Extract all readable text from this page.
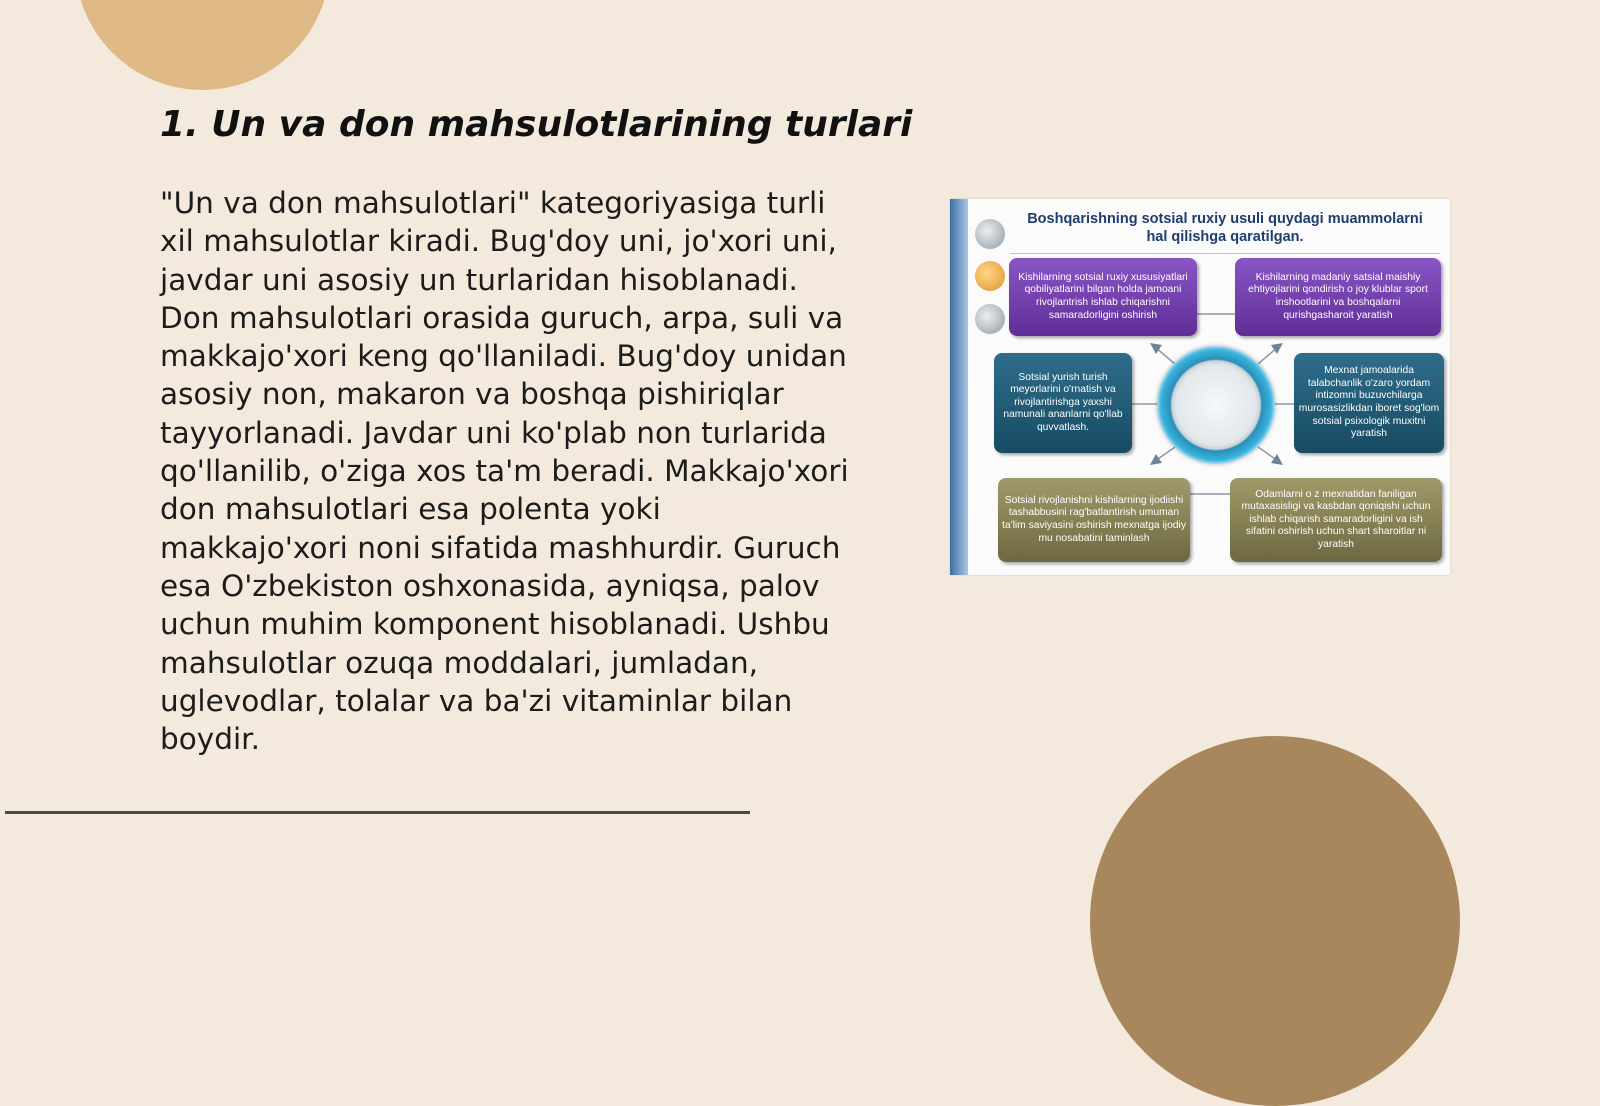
1. Un va don mahsulotlarining turlari

"Un va don mahsulotlari" kategoriyasiga turli xil mahsulotlar kiradi. Bug'doy uni, jo'xori uni, javdar uni asosiy un turlaridan hisoblanadi. Don mahsulotlari orasida guruch, arpa, suli va makkajo'xori keng qo'llaniladi. Bug'doy unidan asosiy non, makaron va boshqa pishiriqlar tayyorlanadi. Javdar uni ko'plab non turlarida qo'llanilib, o'ziga xos ta'm beradi. Makkajo'xori don mahsulotlari esa polenta yoki makkajo'xori noni sifatida mashhurdir. Guruch esa O'zbekiston oshxonasida, ayniqsa, palov uchun muhim komponent hisoblanadi. Ushbu mahsulotlar ozuqa moddalari, jumladan, uglevodlar, tolalar va ba'zi vitaminlar bilan boydir.

Boshqarishning sotsial ruxiy usuli quydagi muammolarni hal qilishga qaratilgan.
Kishilarning sotsial ruxiy xususiyatlari qobiliyatlarini bilgan holda jamoani rivojlantrish ishlab chiqarishni samaradorligini oshirish
Kishilarning madaniy satsial maishiy ehtiyojlarini qondirish o joy klublar sport inshootlarini va boshqalarni qurishgasharoit yaratish
Sotsial yurish turish meyorlarini o'rnatish va rivojlantirishga yaxshi namunali ananlarni qo'llab quvvatlash.
Mexnat jamoalarida talabchanlik o'zaro yordam intizomni buzuvchilarga murosasizlikdan iboret sog'lom sotsial psixologik muxitni yaratish
Sotsial rivojlanishni kishilarning ijodiishi tashabbusini rag'batlantirish umuman ta'lim saviyasini oshirish mexnatga ijodiy mu nosabatini taminlash
Odamlarni o z mexnatidan faniligan mutaxasisligi va kasbdan qoniqishi uchun ishlab chiqarish samaradorligini va ish sifatini oshirish uchun shart sharoitlar ni yaratish
